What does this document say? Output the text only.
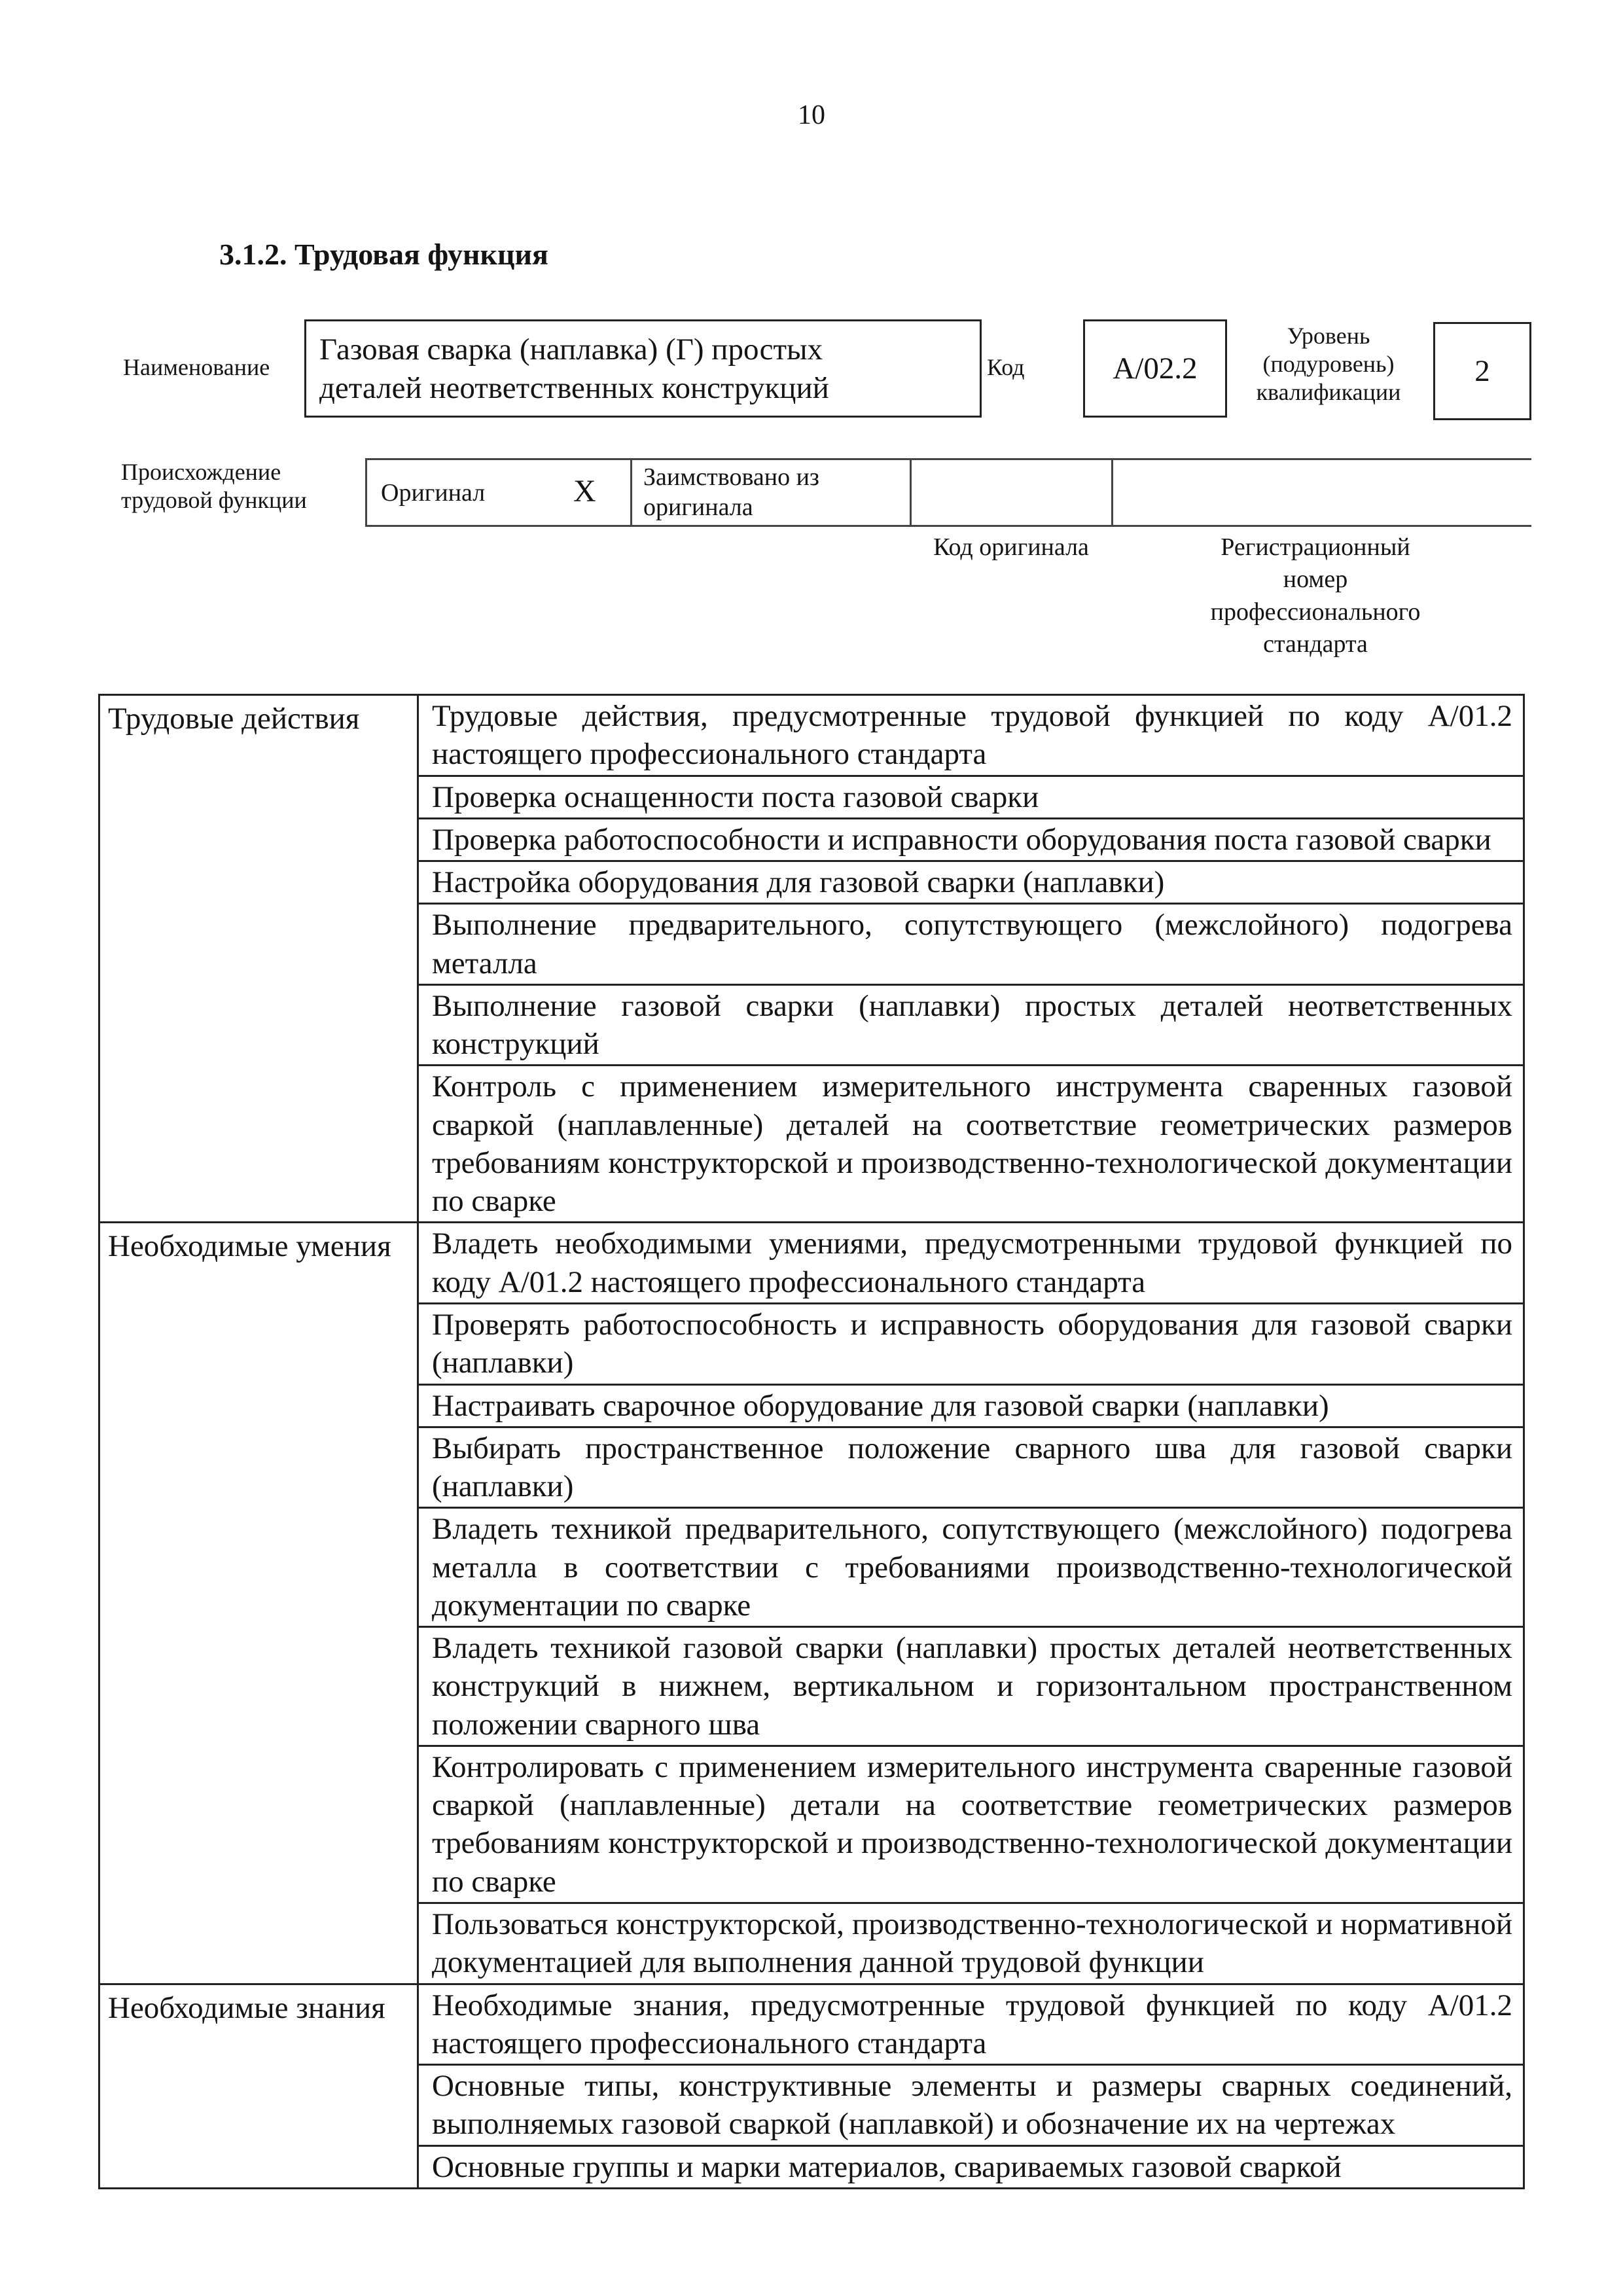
10
3.1.2. Трудовая функция
Наименование
Газовая сварка (наплавка) (Г) простых
деталей неответственных конструкций
Код	A/02.2
Уровень
(подуровень)
квалификации
2
Происхождение
трудовой функции	Оригинал	X Заимствовано из
оригинала
Код оригинала	Регистрационный
номер
профессионального
стандарта
Трудовые действия	Трудовые действия, предусмотренные трудовой функцией по коду A/01.2 настоящего профессионального стандарта
	Проверка оснащенности поста газовой сварки
	Проверка работоспособности и исправности оборудования поста газовой сварки
	Настройка оборудования для газовой сварки (наплавки)
	Выполнение предварительного, сопутствующего (межслойного) подогрева металла
	Выполнение газовой сварки (наплавки) простых деталей неответственных конструкций
	Контроль с применением измерительного инструмента сваренных газовой сваркой (наплавленные) деталей на соответствие геометрических размеров требованиям конструкторской и производственно-технологической документации по сварке
Необходимые умения	Владеть необходимыми умениями, предусмотренными трудовой функцией по коду A/01.2 настоящего профессионального стандарта
	Проверять работоспособность и исправность оборудования для газовой сварки (наплавки)
	Настраивать сварочное оборудование для газовой сварки (наплавки)
	Выбирать пространственное положение сварного шва для газовой сварки (наплавки)
	Владеть техникой предварительного, сопутствующего (межслойного) подогрева металла в соответствии с требованиями производственно-технологической документации по сварке
	Владеть техникой газовой сварки (наплавки) простых деталей неответственных конструкций в нижнем, вертикальном и горизонтальном пространственном положении сварного шва
	Контролировать с применением измерительного инструмента сваренные газовой сваркой (наплавленные) детали на соответствие геометрических размеров требованиям конструкторской и производственно-технологической документации по сварке
	Пользоваться конструкторской, производственно-технологической и нормативной документацией для выполнения данной трудовой функции
Необходимые знания	Необходимые знания, предусмотренные трудовой функцией по коду A/01.2 настоящего профессионального стандарта
	Основные типы, конструктивные элементы и размеры сварных соединений, выполняемых газовой сваркой (наплавкой) и обозначение их на чертежах
	Основные группы и марки материалов, свариваемых газовой сваркой
